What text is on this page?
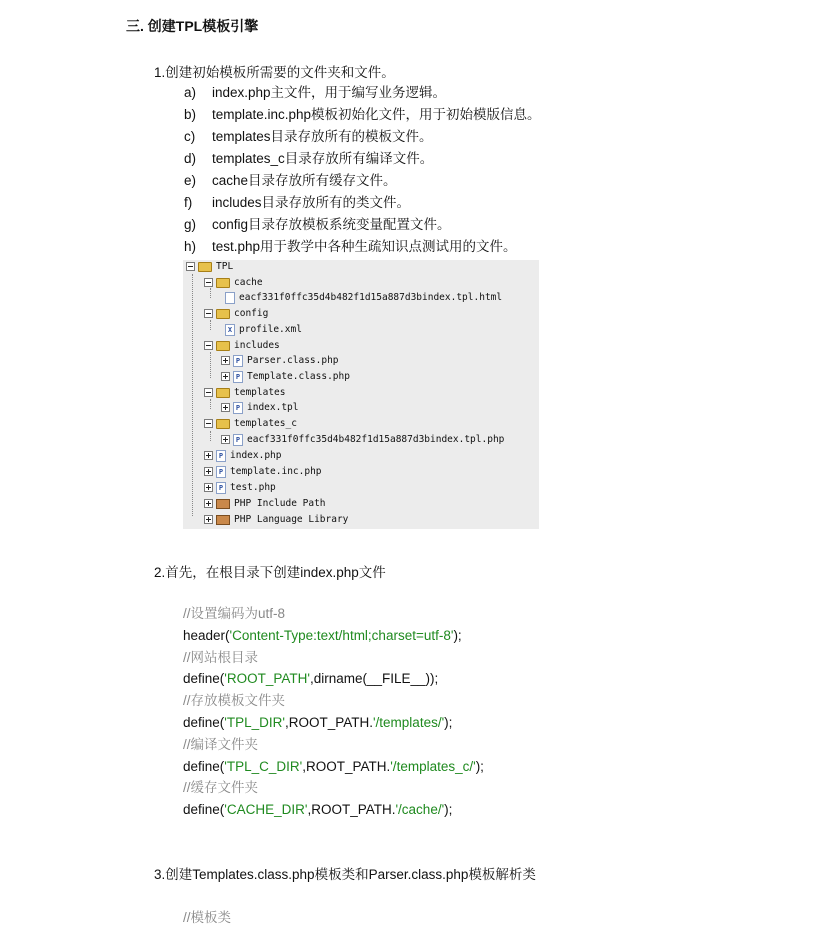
三. 创建TPL模板引擎
1.创建初始模板所需要的文件夹和文件。
a) index.php主文件，用于编写业务逻辑。
b) template.inc.php模板初始化文件，用于初始模版信息。
c) templates目录存放所有的模板文件。
d) templates_c目录存放所有编译文件。
e) cache目录存放所有缓存文件。
f) includes目录存放所有的类文件。
g) config目录存放模板系统变量配置文件。
h) test.php用于教学中各种生疏知识点测试用的文件。
TPL
cache
eacf331f0ffc35d4b482f1d15a887d3bindex.tpl.html
config
X profile.xml
includes
P Parser.class.php
P Template.class.php
templates
P index.tpl
templates_c
P eacf331f0ffc35d4b482f1d15a887d3bindex.tpl.php
P index.php
P template.inc.php
P test.php
PHP Include Path
PHP Language Library
2.首先，在根目录下创建index.php文件
//设置编码为utf-8
header('Content-Type:text/html;charset=utf-8');
//网站根目录
define('ROOT_PATH',dirname(__FILE__));
//存放模板文件夹
define('TPL_DIR',ROOT_PATH.'/templates/');
//编译文件夹
define('TPL_C_DIR',ROOT_PATH.'/templates_c/');
//缓存文件夹
define('CACHE_DIR',ROOT_PATH.'/cache/');
3.创建Templates.class.php模板类和Parser.class.php模板解析类
//模板类
